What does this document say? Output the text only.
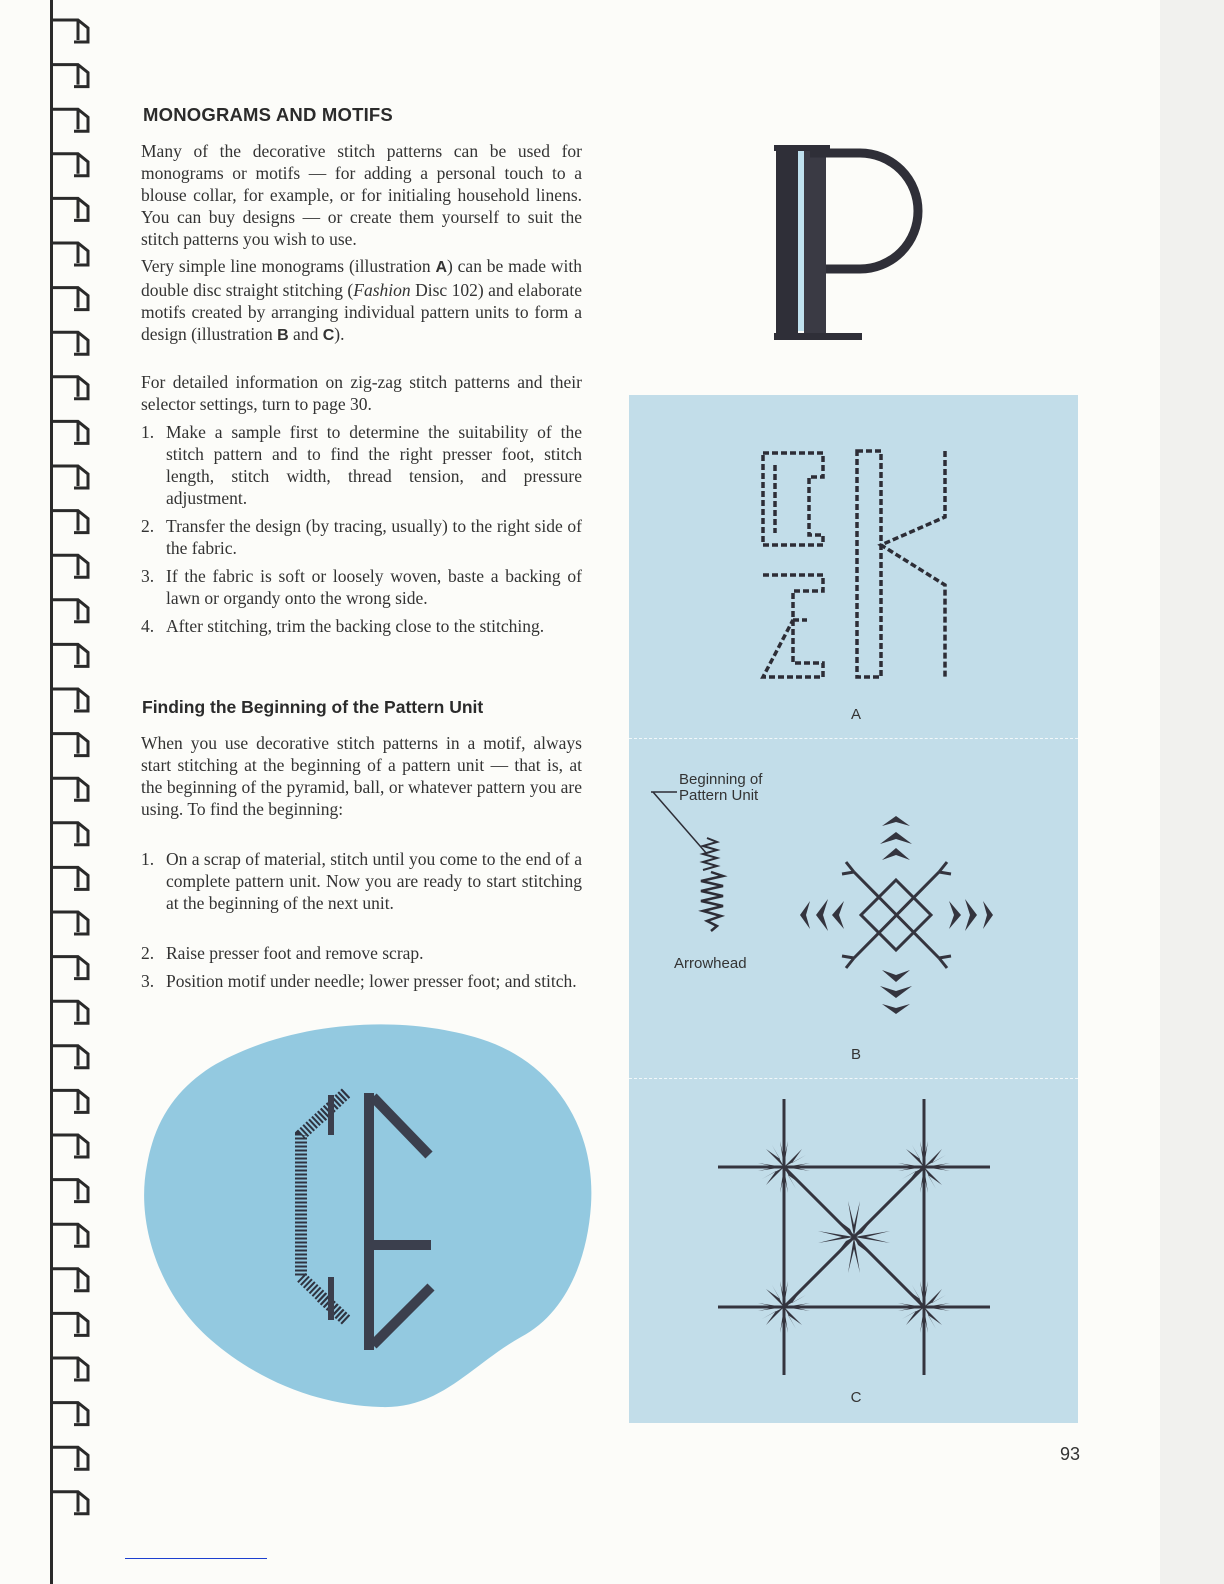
MONOGRAMS AND MOTIFS

Many of the decorative stitch patterns can be used for monograms or motifs — for adding a personal touch to a blouse collar, for example, or for initialing household linens. You can buy designs — or create them yourself to suit the stitch patterns you wish to use.

Very simple line monograms (illustration A) can be made with double disc straight stitching (Fashion Disc 102) and elaborate motifs created by arranging individual pattern units to form a design (illustration B and C).

For detailed information on zig-zag stitch patterns and their selector settings, turn to page 30.

1. Make a sample first to determine the suitability of the stitch pattern and to find the right presser foot, stitch length, stitch width, thread tension, and pressure adjustment.
2. Transfer the design (by tracing, usually) to the right side of the fabric.
3. If the fabric is soft or loosely woven, baste a backing of lawn or organdy onto the wrong side.
4. After stitching, trim the backing close to the stitching.
Finding the Beginning of the Pattern Unit

When you use decorative stitch patterns in a motif, always start stitching at the beginning of a pattern unit — that is, at the beginning of the pyramid, ball, or whatever pattern you are using. To find the beginning:

1. On a scrap of material, stitch until you come to the end of a complete pattern unit. Now you are ready to start stitching at the beginning of the next unit.
2. Raise presser foot and remove scrap.
3. Position motif under needle; lower presser foot; and stitch.

A

Beginning of

Pattern Unit

Arrowhead

B

C

93
